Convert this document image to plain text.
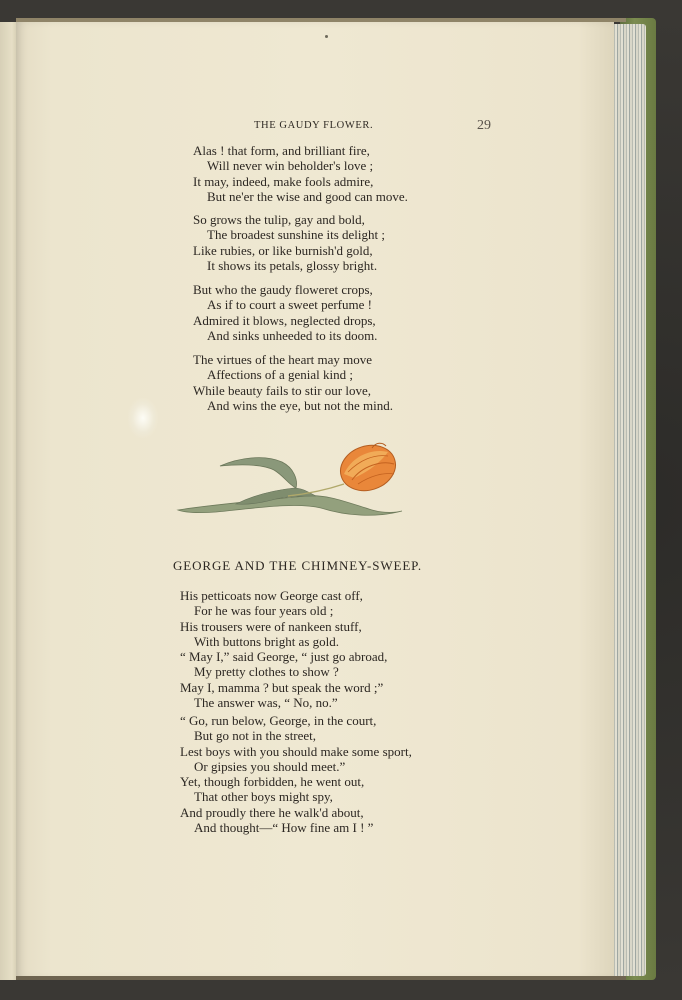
THE GAUDY FLOWER.	29
Alas ! that form, and brilliant fire,
Will never win beholder's love ;
It may, indeed, make fools admire,
But ne'er the wise and good can move.
So grows the tulip, gay and bold,
The broadest sunshine its delight ;
Like rubies, or like burnish'd gold,
It shows its petals, glossy bright.
But who the gaudy floweret crops,
As if to court a sweet perfume !
Admired it blows, neglected drops,
And sinks unheeded to its doom.
The virtues of the heart may move
Affections of a genial kind ;
While beauty fails to stir our love,
And wins the eye, but not the mind.
GEORGE AND THE CHIMNEY-SWEEP.
His petticoats now George cast off,
For he was four years old ;
His trousers were of nankeen stuff,
With buttons bright as gold.
“ May I,” said George, “ just go abroad,
My pretty clothes to show ?
May I, mamma ? but speak the word ;”
The answer was, “ No, no.”
“ Go, run below, George, in the court,
But go not in the street,
Lest boys with you should make some sport,
Or gipsies you should meet.”
Yet, though forbidden, he went out,
That other boys might spy,
And proudly there he walk'd about,
And thought—“ How fine am I ! ”
